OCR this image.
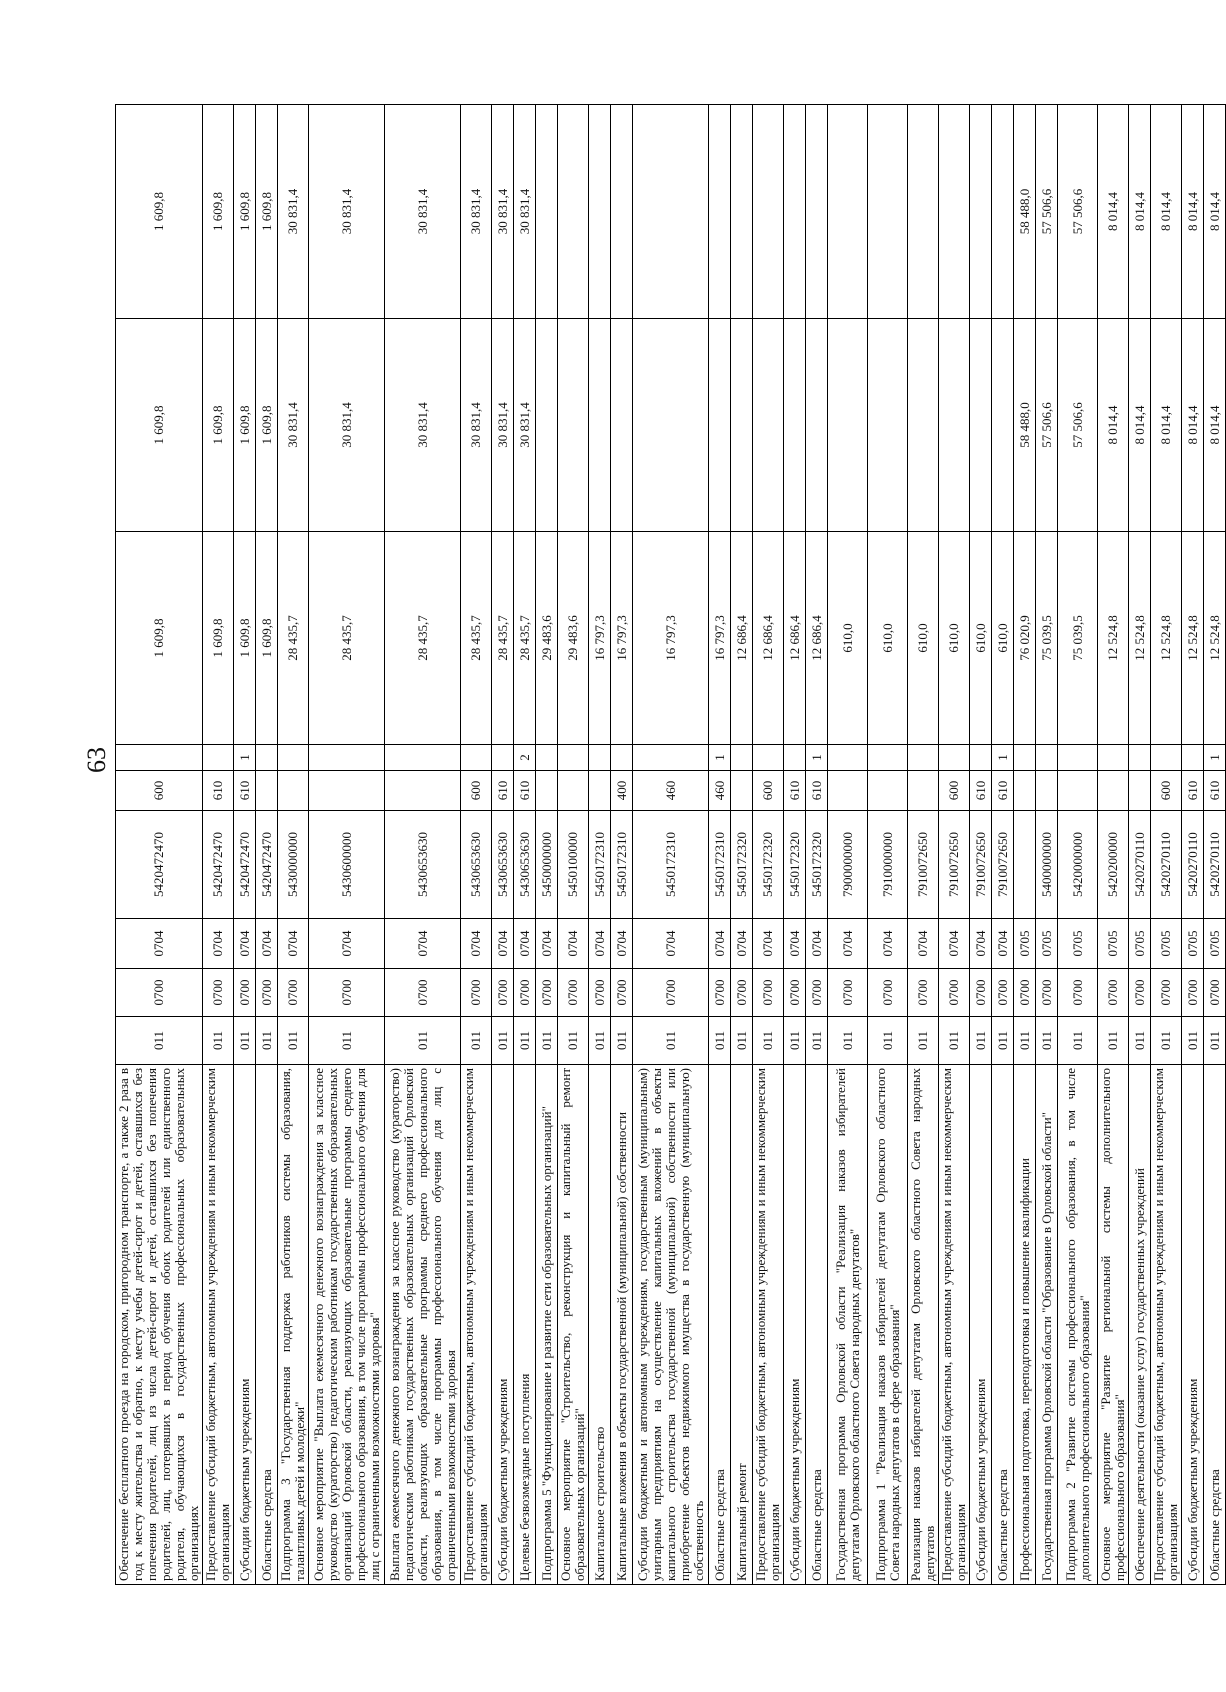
63
Обеспечение бесплатного проезда на городском, пригородном транспорте, а также 2 раза в год к месту жительства и обратно, к месту учебы детей-сирот и детей, оставшихся без попечения родителей, лиц из числа детей-сирот и детей, оставшихся без попечения родителей, лиц, потерявших в период обучения обоих родителей или единственного родителя, обучающихся в государственных профессиональных образовательных организациях	011	0700	0704	5420472470	600		1 609,8	1 609,8	1 609,8
Предоставление субсидий бюджетным, автономным учреждениям и иным некоммерческим организациям	011	0700	0704	5420472470	610		1 609,8	1 609,8	1 609,8
Субсидии бюджетным учреждениям	011	0700	0704	5420472470	610	1	1 609,8	1 609,8	1 609,8
Областные средства	011	0700	0704	5420472470			1 609,8	1 609,8	1 609,8
Подпрограмма 3 "Государственная поддержка работников системы образования, талантливых детей и молодежи"	011	0700	0704	5430000000			28 435,7	30 831,4	30 831,4
Основное мероприятие "Выплата ежемесячного денежного вознаграждения за классное руководство (кураторство) педагогическим работникам государственных образовательных организаций Орловской области, реализующих образовательные программы среднего профессионального образования, в том числе программы профессионального обучения для лиц с ограниченными возможностями здоровья"	011	0700	0704	5430600000			28 435,7	30 831,4	30 831,4
Выплата ежемесячного денежного вознаграждения за классное руководство (кураторство) педагогическим работникам государственных образовательных организаций Орловской области, реализующих образовательные программы среднего профессионального образования, в том числе программы профессионального обучения для лиц с ограниченными возможностями здоровья	011	0700	0704	5430653630			28 435,7	30 831,4	30 831,4
Предоставление субсидий бюджетным, автономным учреждениям и иным некоммерческим организациям	011	0700	0704	5430653630	600		28 435,7	30 831,4	30 831,4
Субсидии бюджетным учреждениям	011	0700	0704	5430653630	610		28 435,7	30 831,4	30 831,4
Целевые безвозмездные поступления	011	0700	0704	5430653630	610	2	28 435,7	30 831,4	30 831,4
Подпрограмма 5 "Функционирование и развитие сети образовательных организаций"	011	0700	0704	5450000000			29 483,6		
Основное мероприятие "Строительство, реконструкция и капитальный ремонт образовательных организаций"	011	0700	0704	5450100000			29 483,6		
Капитальное строительство	011	0700	0704	5450172310			16 797,3		
Капитальные вложения в объекты государственной (муниципальной) собственности	011	0700	0704	5450172310	400		16 797,3		
Субсидии бюджетным и автономным учреждениям, государственным (муниципальным) унитарным предприятиям на осуществление капитальных вложений в объекты капитального строительства государственной (муниципальной) собственности или приобретение объектов недвижимого имущества в государственную (муниципальную) собственность	011	0700	0704	5450172310	460		16 797,3		
Областные средства	011	0700	0704	5450172310	460	1	16 797,3		
Капитальный ремонт	011	0700	0704	5450172320			12 686,4		
Предоставление субсидий бюджетным, автономным учреждениям и иным некоммерческим организациям	011	0700	0704	5450172320	600		12 686,4		
Субсидии бюджетным учреждениям	011	0700	0704	5450172320	610		12 686,4		
Областные средства	011	0700	0704	5450172320	610	1	12 686,4		
Государственная программа Орловской области "Реализация наказов избирателей депутатам Орловского областного Совета народных депутатов"	011	0700	0704	7900000000			610,0		
Подпрограмма 1 "Реализация наказов избирателей депутатам Орловского областного Совета народных депутатов в сфере образования"	011	0700	0704	7910000000			610,0		
Реализация наказов избирателей депутатам Орловского областного Совета народных депутатов	011	0700	0704	7910072650			610,0		
Предоставление субсидий бюджетным, автономным учреждениям и иным некоммерческим организациям	011	0700	0704	7910072650	600		610,0		
Субсидии бюджетным учреждениям	011	0700	0704	7910072650	610		610,0		
Областные средства	011	0700	0704	7910072650	610	1	610,0		
Профессиональная подготовка, переподготовка и повышение квалификации	011	0700	0705				76 020,9	58 488,0	58 488,0
Государственная программа Орловской области "Образование в Орловской области"	011	0700	0705	5400000000			75 039,5	57 506,6	57 506,6
Подпрограмма 2 "Развитие системы профессионального образования, в том числе дополнительного профессионального образования"	011	0700	0705	5420000000			75 039,5	57 506,6	57 506,6
Основное мероприятие "Развитие региональной системы дополнительного профессионального образования"	011	0700	0705	5420200000			12 524,8	8 014,4	8 014,4
Обеспечение деятельности (оказание услуг) государственных учреждений	011	0700	0705	5420270110			12 524,8	8 014,4	8 014,4
Предоставление субсидий бюджетным, автономным учреждениям и иным некоммерческим организациям	011	0700	0705	5420270110	600		12 524,8	8 014,4	8 014,4
Субсидии бюджетным учреждениям	011	0700	0705	5420270110	610		12 524,8	8 014,4	8 014,4
Областные средства	011	0700	0705	5420270110	610	1	12 524,8	8 014,4	8 014,4
